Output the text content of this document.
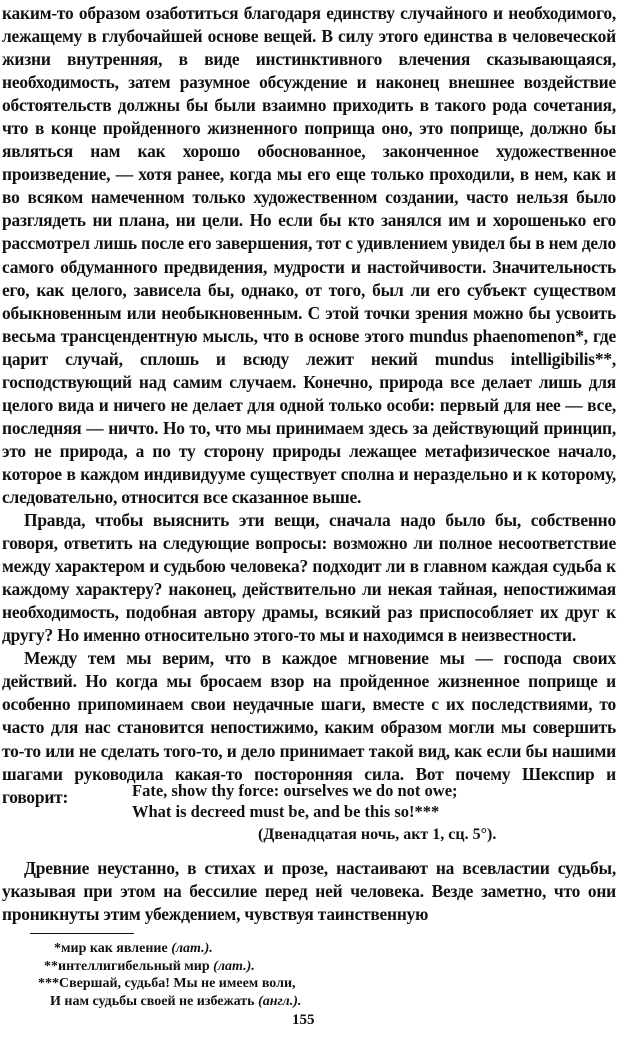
каким-то образом озаботиться благодаря единству случайного и необходимого, лежащему в глубочайшей основе вещей. В силу этого единства в человеческой жизни внутренняя, в виде инстинктивного влечения сказывающаяся, необходимость, затем разумное обсуждение и наконец внешнее воздействие обстоятельств должны бы были взаимно приходить в такого рода сочетания, что в конце пройденного жизненного поприща оно, это поприще, должно бы являться нам как хорошо обоснованное, законченное художественное произведение, — хотя ранее, когда мы его еще только проходили, в нем, как и во всяком намеченном только художественном создании, часто нельзя было разглядеть ни плана, ни цели. Но если бы кто занялся им и хорошенько его рассмотрел лишь после его завершения, тот с удивлением увидел бы в нем дело самого обдуманного предвидения, мудрости и настойчивости. Значительность его, как целого, зависела бы, однако, от того, был ли его субъект существом обыкновенным или необыкновенным. С этой точки зрения можно бы усвоить весьма трансцендентную мысль, что в основе этого mundus phaenomenon*, где царит случай, сплошь и всюду лежит некий mundus intelligibilis**, господствующий над самим случаем. Конечно, природа все делает лишь для целого вида и ничего не делает для одной только особи: первый для нее — все, последняя — ничто. Но то, что мы принимаем здесь за действующий принцип, это не природа, а по ту сторону природы лежащее метафизическое начало, которое в каждом индивидууме существует сполна и нераздельно и к которому, следовательно, относится все сказанное выше.

Правда, чтобы выяснить эти вещи, сначала надо было бы, собственно говоря, ответить на следующие вопросы: возможно ли полное несоответствие между характером и судьбою человека? подходит ли в главном каждая судьба к каждому характеру? наконец, действительно ли некая тайная, непостижимая необходимость, подобная автору драмы, всякий раз приспособляет их друг к другу? Но именно относительно этого-то мы и находимся в неизвестности.

Между тем мы верим, что в каждое мгновение мы — господа своих действий. Но когда мы бросаем взор на пройденное жизненное поприще и особенно припоминаем свои неудачные шаги, вместе с их последствиями, то часто для нас становится непостижимо, каким образом могли мы совершить то-то или не сделать того-то, и дело принимает такой вид, как если бы нашими шагами руководила какая-то посторонняя сила. Вот почему Шекспир и говорит:	Fate, show thy force: ourselves we do not owe;
What is decreed must be, and be this so!***
(Двенадцатая ночь, акт 1, сц. 5°).

Древние неустанно, в стихах и прозе, настаивают на всевластии судьбы, указывая при этом на бессилие перед ней человека. Везде заметно, что они проникнуты этим убеждением, чувствуя таинственную

*мир как явление (лат.).
**интеллигибельный мир (лат.).
***Свершай, судьба! Мы не имеем воли,
И нам судьбы своей не избежать (англ.).
155
